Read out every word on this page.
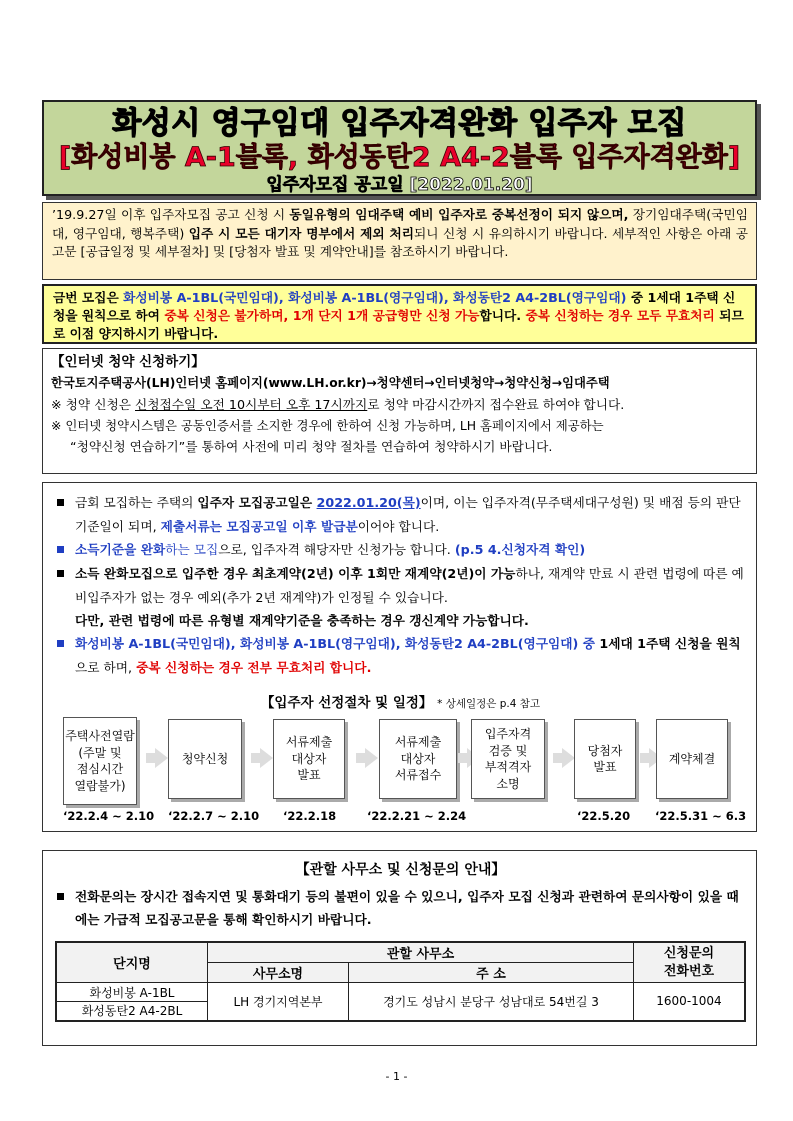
화성시 영구임대 입주자격완화 입주자 모집
[화성비봉 A-1블록, 화성동탄2 A4-2블록 입주자격완화]
입주자모집 공고일 [2022.01.20]
’19.9.27일 이후 입주자모집 공고 신청 시 동일유형의 임대주택 예비 입주자로 중복선정이 되지 않으며, 장기임대주택(국민임대, 영구임대, 행복주택) 입주 시 모든 대기자 명부에서 제외 처리되니 신청 시 유의하시기 바랍니다. 세부적인 사항은 아래 공고문 [공급일정 및 세부절차] 및 [당첨자 발표 및 계약안내]를 참조하시기 바랍니다.
금번 모집은 화성비봉 A-1BL(국민임대), 화성비봉 A-1BL(영구임대), 화성동탄2 A4-2BL(영구임대) 중 1세대 1주택 신청을 원칙으로 하여 중복 신청은 불가하며, 1개 단지 1개 공급형만 신청 가능합니다. 중복 신청하는 경우 모두 무효처리 되므로 이점 양지하시기 바랍니다.
【인터넷 청약 신청하기】
한국토지주택공사(LH)인터넷 홈페이지(www.LH.or.kr)→청약센터→인터넷청약→청약신청→임대주택
※ 청약 신청은 신청접수일 오전 10시부터 오후 17시까지로 청약 마감시간까지 접수완료 하여야 합니다.
※ 인터넷 청약시스템은 공동인증서를 소지한 경우에 한하여 신청 가능하며, LH 홈페이지에서 제공하는
“청약신청 연습하기”를 통하여 사전에 미리 청약 절차를 연습하여 청약하시기 바랍니다.
금회 모집하는 주택의 입주자 모집공고일은 2022.01.20(목)이며, 이는 입주자격(무주택세대구성원) 및 배점 등의 판단 기준일이 되며, 제출서류는 모집공고일 이후 발급분이어야 합니다.
소득기준을 완화하는 모집으로, 입주자격 해당자만 신청가능 합니다. (p.5 4.신청자격 확인)
소득 완화모집으로 입주한 경우 최초계약(2년) 이후 1회만 재계약(2년)이 가능하나, 재계약 만료 시 관련 법령에 따른 예비입주자가 없는 경우 예외(추가 2년 재계약)가 인정될 수 있습니다.
다만, 관련 법령에 따른 유형별 재계약기준을 충족하는 경우 갱신계약 가능합니다.
화성비봉 A-1BL(국민임대), 화성비봉 A-1BL(영구임대), 화성동탄2 A4-2BL(영구임대) 중 1세대 1주택 신청을 원칙으로 하며, 중복 신청하는 경우 전부 무효처리 합니다.
【입주자 선정절차 및 일정】 * 상세일정은 p.4 참고
주택사전열람
(주말 및
점심시간
열람불가)
‘22.2.4 ~ 2.10
청약신청
‘22.2.7 ~ 2.10
서류제출
대상자
발표
‘22.2.18
서류제출
대상자
서류접수
‘22.2.21 ~ 2.24
입주자격
검증 및
부적격자
소명
당첨자
발표
‘22.5.20
계약체결
‘22.5.31 ~ 6.3
【관할 사무소 및 신청문의 안내】
전화문의는 장시간 접속지연 및 통화대기 등의 불편이 있을 수 있으니, 입주자 모집 신청과 관련하여 문의사항이 있을 때에는 가급적 모집공고문을 통해 확인하시기 바랍니다.
단지명	관할 사무소		신청문의
전화번호
	사무소명	주 소	
화성비봉 A-1BL	LH 경기지역본부	경기도 성남시 분당구 성남대로 54번길 3	1600-1004
화성동탄2 A4-2BL			
- 1 -
